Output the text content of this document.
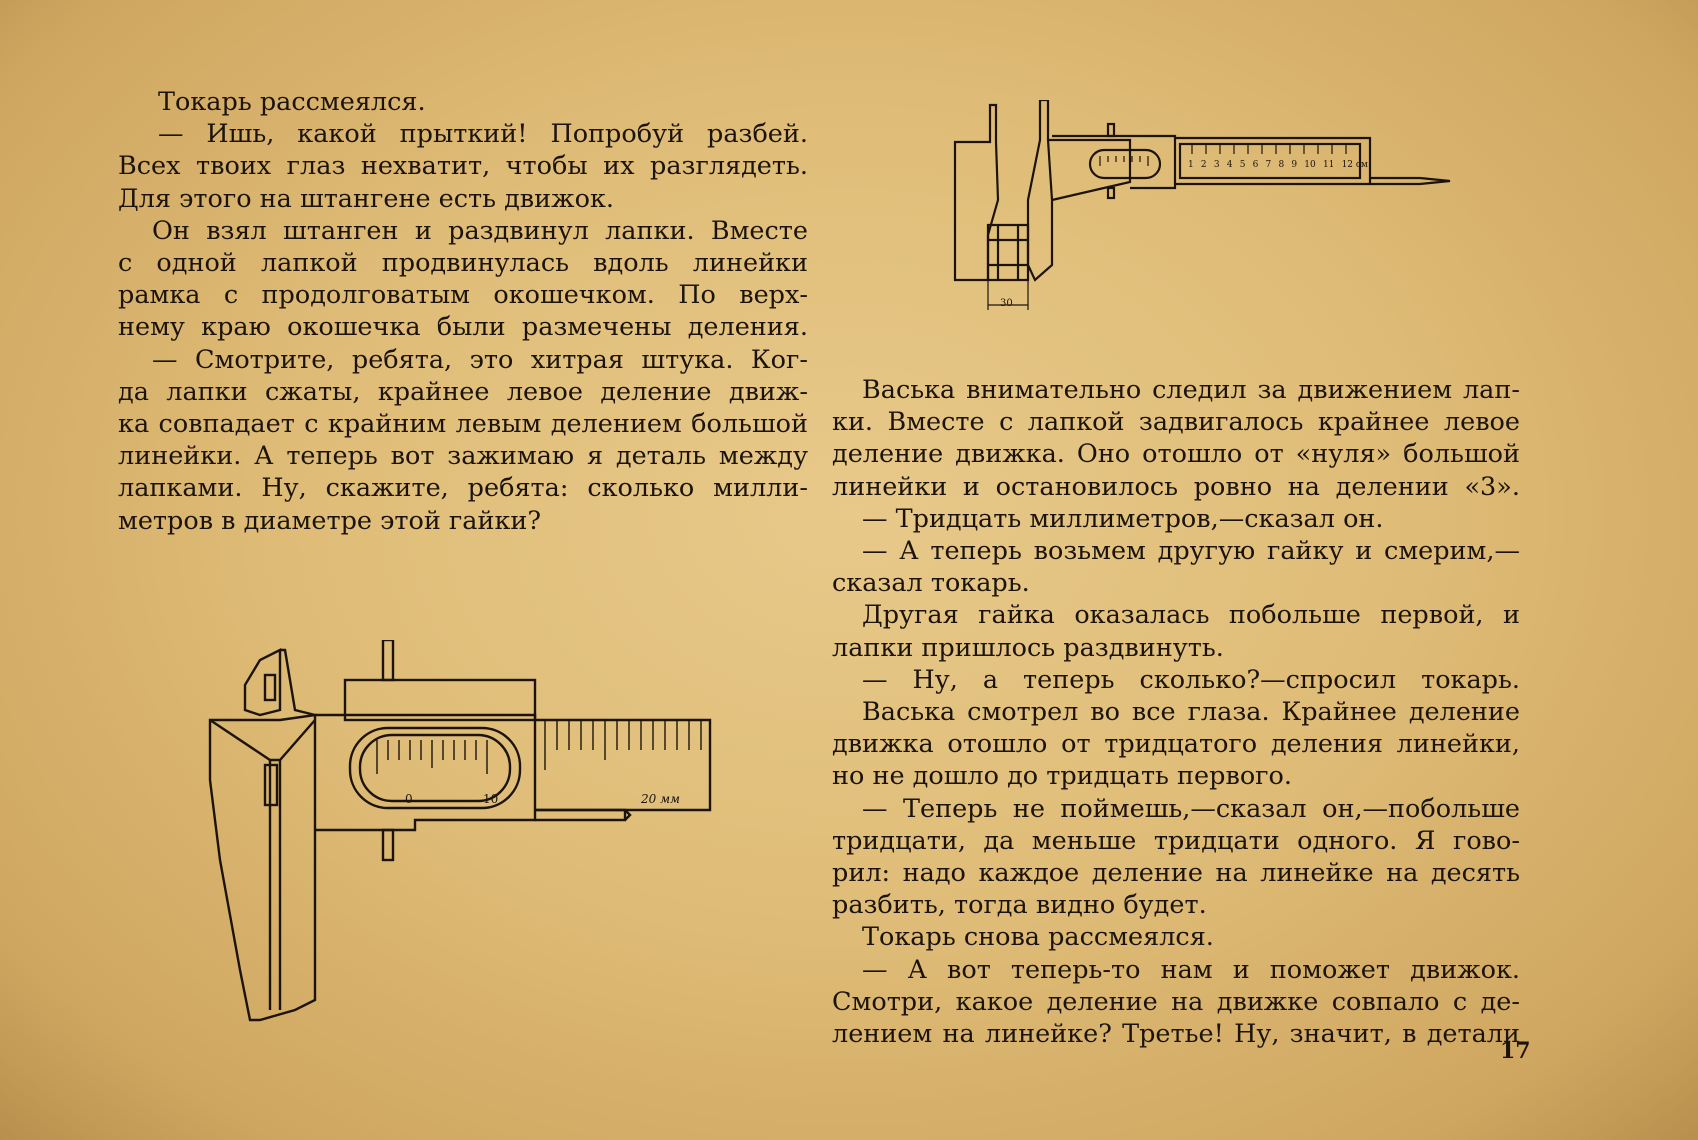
Токарь рассмеялся.

— Ишь, какой прыткий! Попробуй разбей.

Всех твоих глаз нехватит, чтобы их разглядеть.

Для этого на штангене есть движок.

Он взял штанген и раздвинул лапки. Вместе

с одной лапкой продвинулась вдоль линейки

рамка с продолговатым окошечком. По верх-

нему краю окошечка были размечены деления.

— Смотрите, ребята, это хитрая штука. Ког-

да лапки сжаты, крайнее левое деление движ-

ка совпадает с крайним левым делением большой

линейки. А теперь вот зажимаю я деталь между

лапками. Ну, скажите, ребята: сколько милли-

метров в диаметре этой гайки?

1 2 3 4 5 6 7 8 9 10 11 12 см
30
0	10	20 мм

Васька внимательно следил за движением лап-

ки. Вместе с лапкой задвигалось крайнее левое

деление движка. Оно отошло от «нуля» большой

линейки и остановилось ровно на делении «3».

— Тридцать миллиметров,—сказал он.

— А теперь возьмем другую гайку и смерим,—

сказал токарь.

Другая гайка оказалась побольше первой, и

лапки пришлось раздвинуть.

— Ну, а теперь сколько?—спросил токарь.

Васька смотрел во все глаза. Крайнее деление

движка отошло от тридцатого деления линейки,

но не дошло до тридцать первого.

— Теперь не поймешь,—сказал он,—побольше

тридцати, да меньше тридцати одного. Я гово-

рил: надо каждое деление на линейке на десять

разбить, тогда видно будет.

Токарь снова рассмеялся.

— А вот теперь-то нам и поможет движок.

Смотри, какое деление на движке совпало с де-

лением на линейке? Третье! Ну, значит, в детали

17
